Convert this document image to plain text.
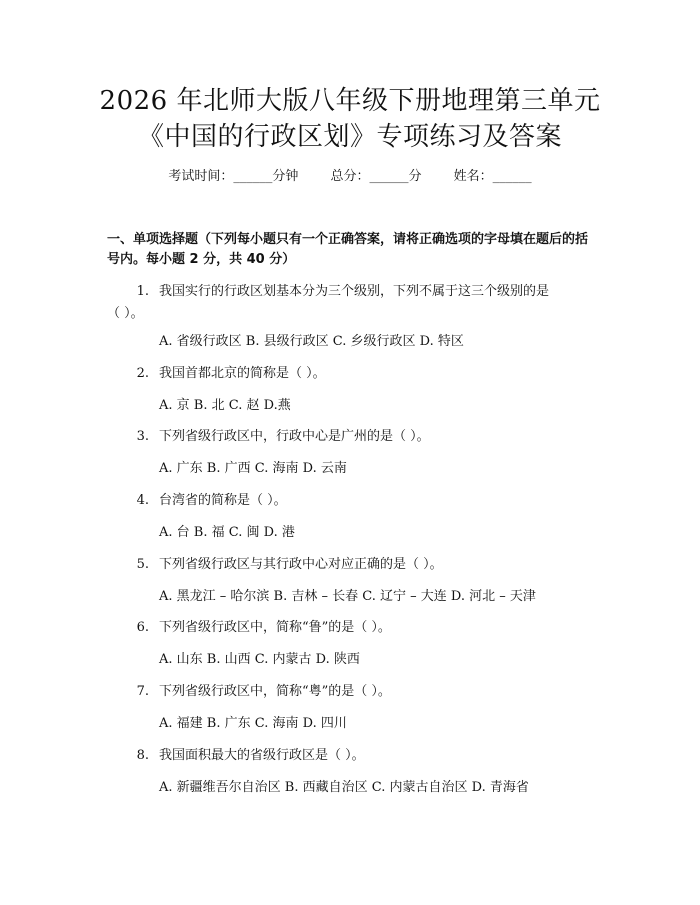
2026 年北师大版八年级下册地理第三单元
《中国的行政区划》专项练习及答案
考试时间：______分钟 总分：______分 姓名：______
一、单项选择题（下列每小题只有一个正确答案，请将正确选项的字母填在题后的括号内。每小题 2 分，共 40 分）
1. 我国实行的行政区划基本分为三个级别，下列不属于这三个级别的是
（ ）。
A. 省级行政区 B. 县级行政区 C. 乡级行政区 D. 特区
2. 我国首都北京的简称是（ ）。
A. 京 B. 北 C. 赵 D.燕
3. 下列省级行政区中，行政中心是广州的是（ ）。
A. 广东 B. 广西 C. 海南 D. 云南
4. 台湾省的简称是（ ）。
A. 台 B. 福 C. 闽 D. 港
5. 下列省级行政区与其行政中心对应正确的是（ ）。
A. 黑龙江 – 哈尔滨 B. 吉林 – 长春 C. 辽宁 – 大连 D. 河北 – 天津
6. 下列省级行政区中，简称“鲁”的是（ ）。
A. 山东 B. 山西 C. 内蒙古 D. 陕西
7. 下列省级行政区中，简称“粤”的是（ ）。
A. 福建 B. 广东 C. 海南 D. 四川
8. 我国面积最大的省级行政区是（ ）。
A. 新疆维吾尔自治区 B. 西藏自治区 C. 内蒙古自治区 D. 青海省
